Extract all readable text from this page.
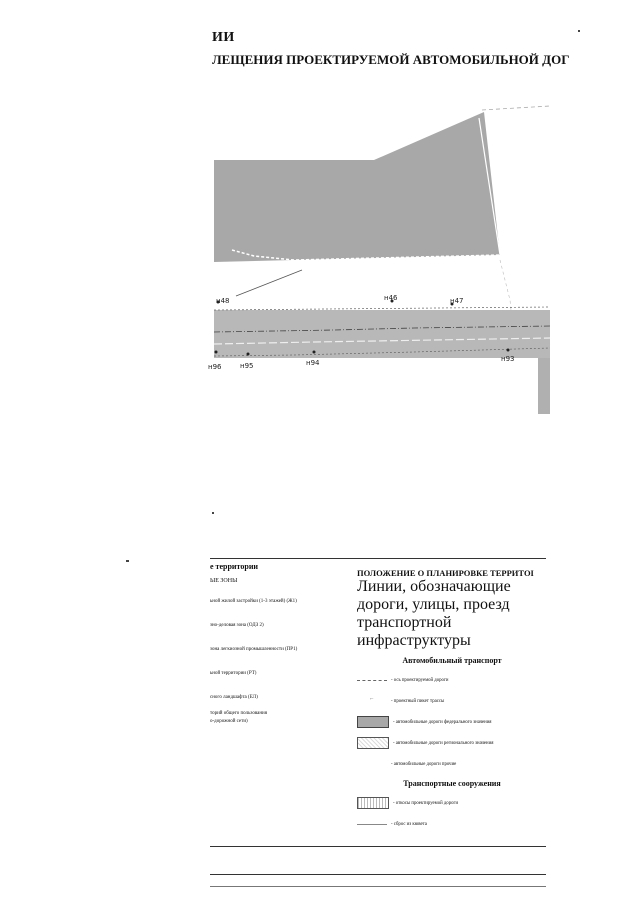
ИИ
ЛЕЩЕНИЯ ПРОЕКТИРУЕМОЙ АВТОМОБИЛЬНОЙ ДОГ
н48	н46	н47
н96	н95	н94	н93
е территории
ЫЕ ЗОНЫ
ьной жилой застройки (1-3 этажей) (Ж1)
зно-деловая зона (ОДЗ 2)
зона легкиозной промышленности (ПР1)
ьной территории (РТ)
сного ландшафта (ЕЛ)
торий общего пользования
о-дорожной сети)
ПОЛОЖЕНИЕ О ПЛАНИРОВКЕ ТЕРРИТОІ
Линии, обозначающие дороги, улицы, проезд
транспортной инфраструктуры
Автомобильный транспорт
- ось проектируемой дороги
⌐	- проектный пикет трассы
- автомобильные дороги федерального значения
- автомобильные дороги регионального значения
- автомобильные дороги прочие
Транспортные сооружения
- откосы проектируемой дороги
- сброс из кювета
